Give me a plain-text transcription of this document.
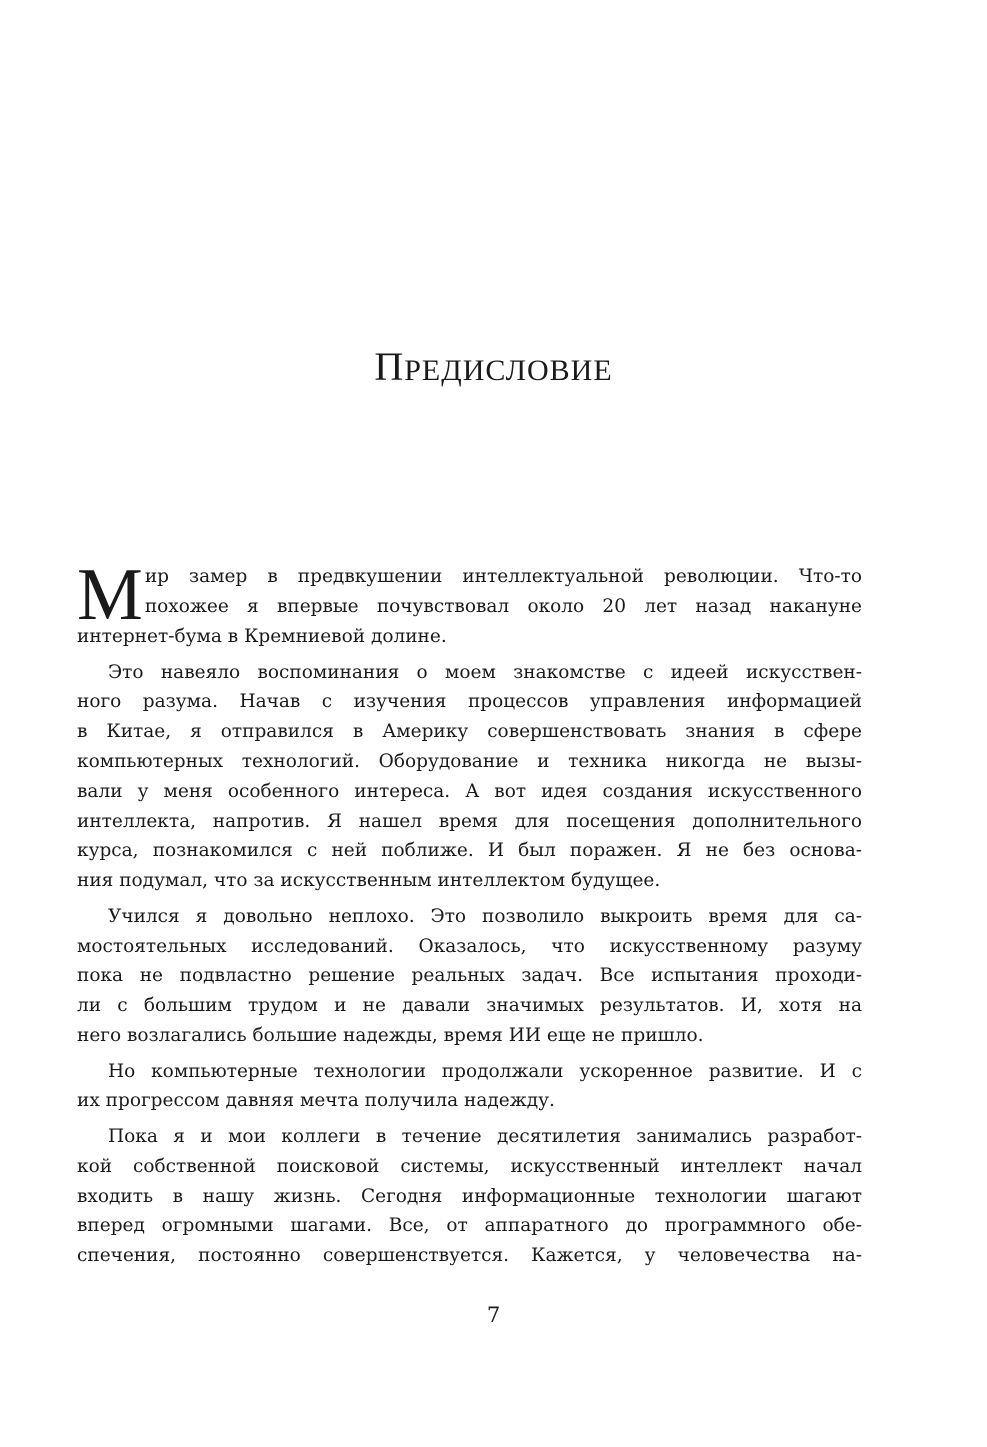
ПРЕДИСЛОВИЕ
М ир замер в предвкушении интеллектуальной революции. Что-то
похожее я впервые почувствовал около 20 лет назад накануне
интернет-бума в Кремниевой долине.
Это навеяло воспоминания о моем знакомстве с идеей искусствен-
ного разума. Начав с изучения процессов управления информацией
в Китае, я отправился в Америку совершенствовать знания в сфере
компьютерных технологий. Оборудование и техника никогда не вызы-
вали у меня особенного интереса. А вот идея создания искусственного
интеллекта, напротив. Я нашел время для посещения дополнительного
курса, познакомился с ней поближе. И был поражен. Я не без основа-
ния подумал, что за искусственным интеллектом будущее.
Учился я довольно неплохо. Это позволило выкроить время для са-
мостоятельных исследований. Оказалось, что искусственному разуму
пока не подвластно решение реальных задач. Все испытания проходи-
ли с большим трудом и не давали значимых результатов. И, хотя на
него возлагались большие надежды, время ИИ еще не пришло.
Но компьютерные технологии продолжали ускоренное развитие. И с
их прогрессом давняя мечта получила надежду.
Пока я и мои коллеги в течение десятилетия занимались разработ-
кой собственной поисковой системы, искусственный интеллект начал
входить в нашу жизнь. Сегодня информационные технологии шагают
вперед огромными шагами. Все, от аппаратного до программного обе-
спечения, постоянно совершенствуется. Кажется, у человечества на-
7
